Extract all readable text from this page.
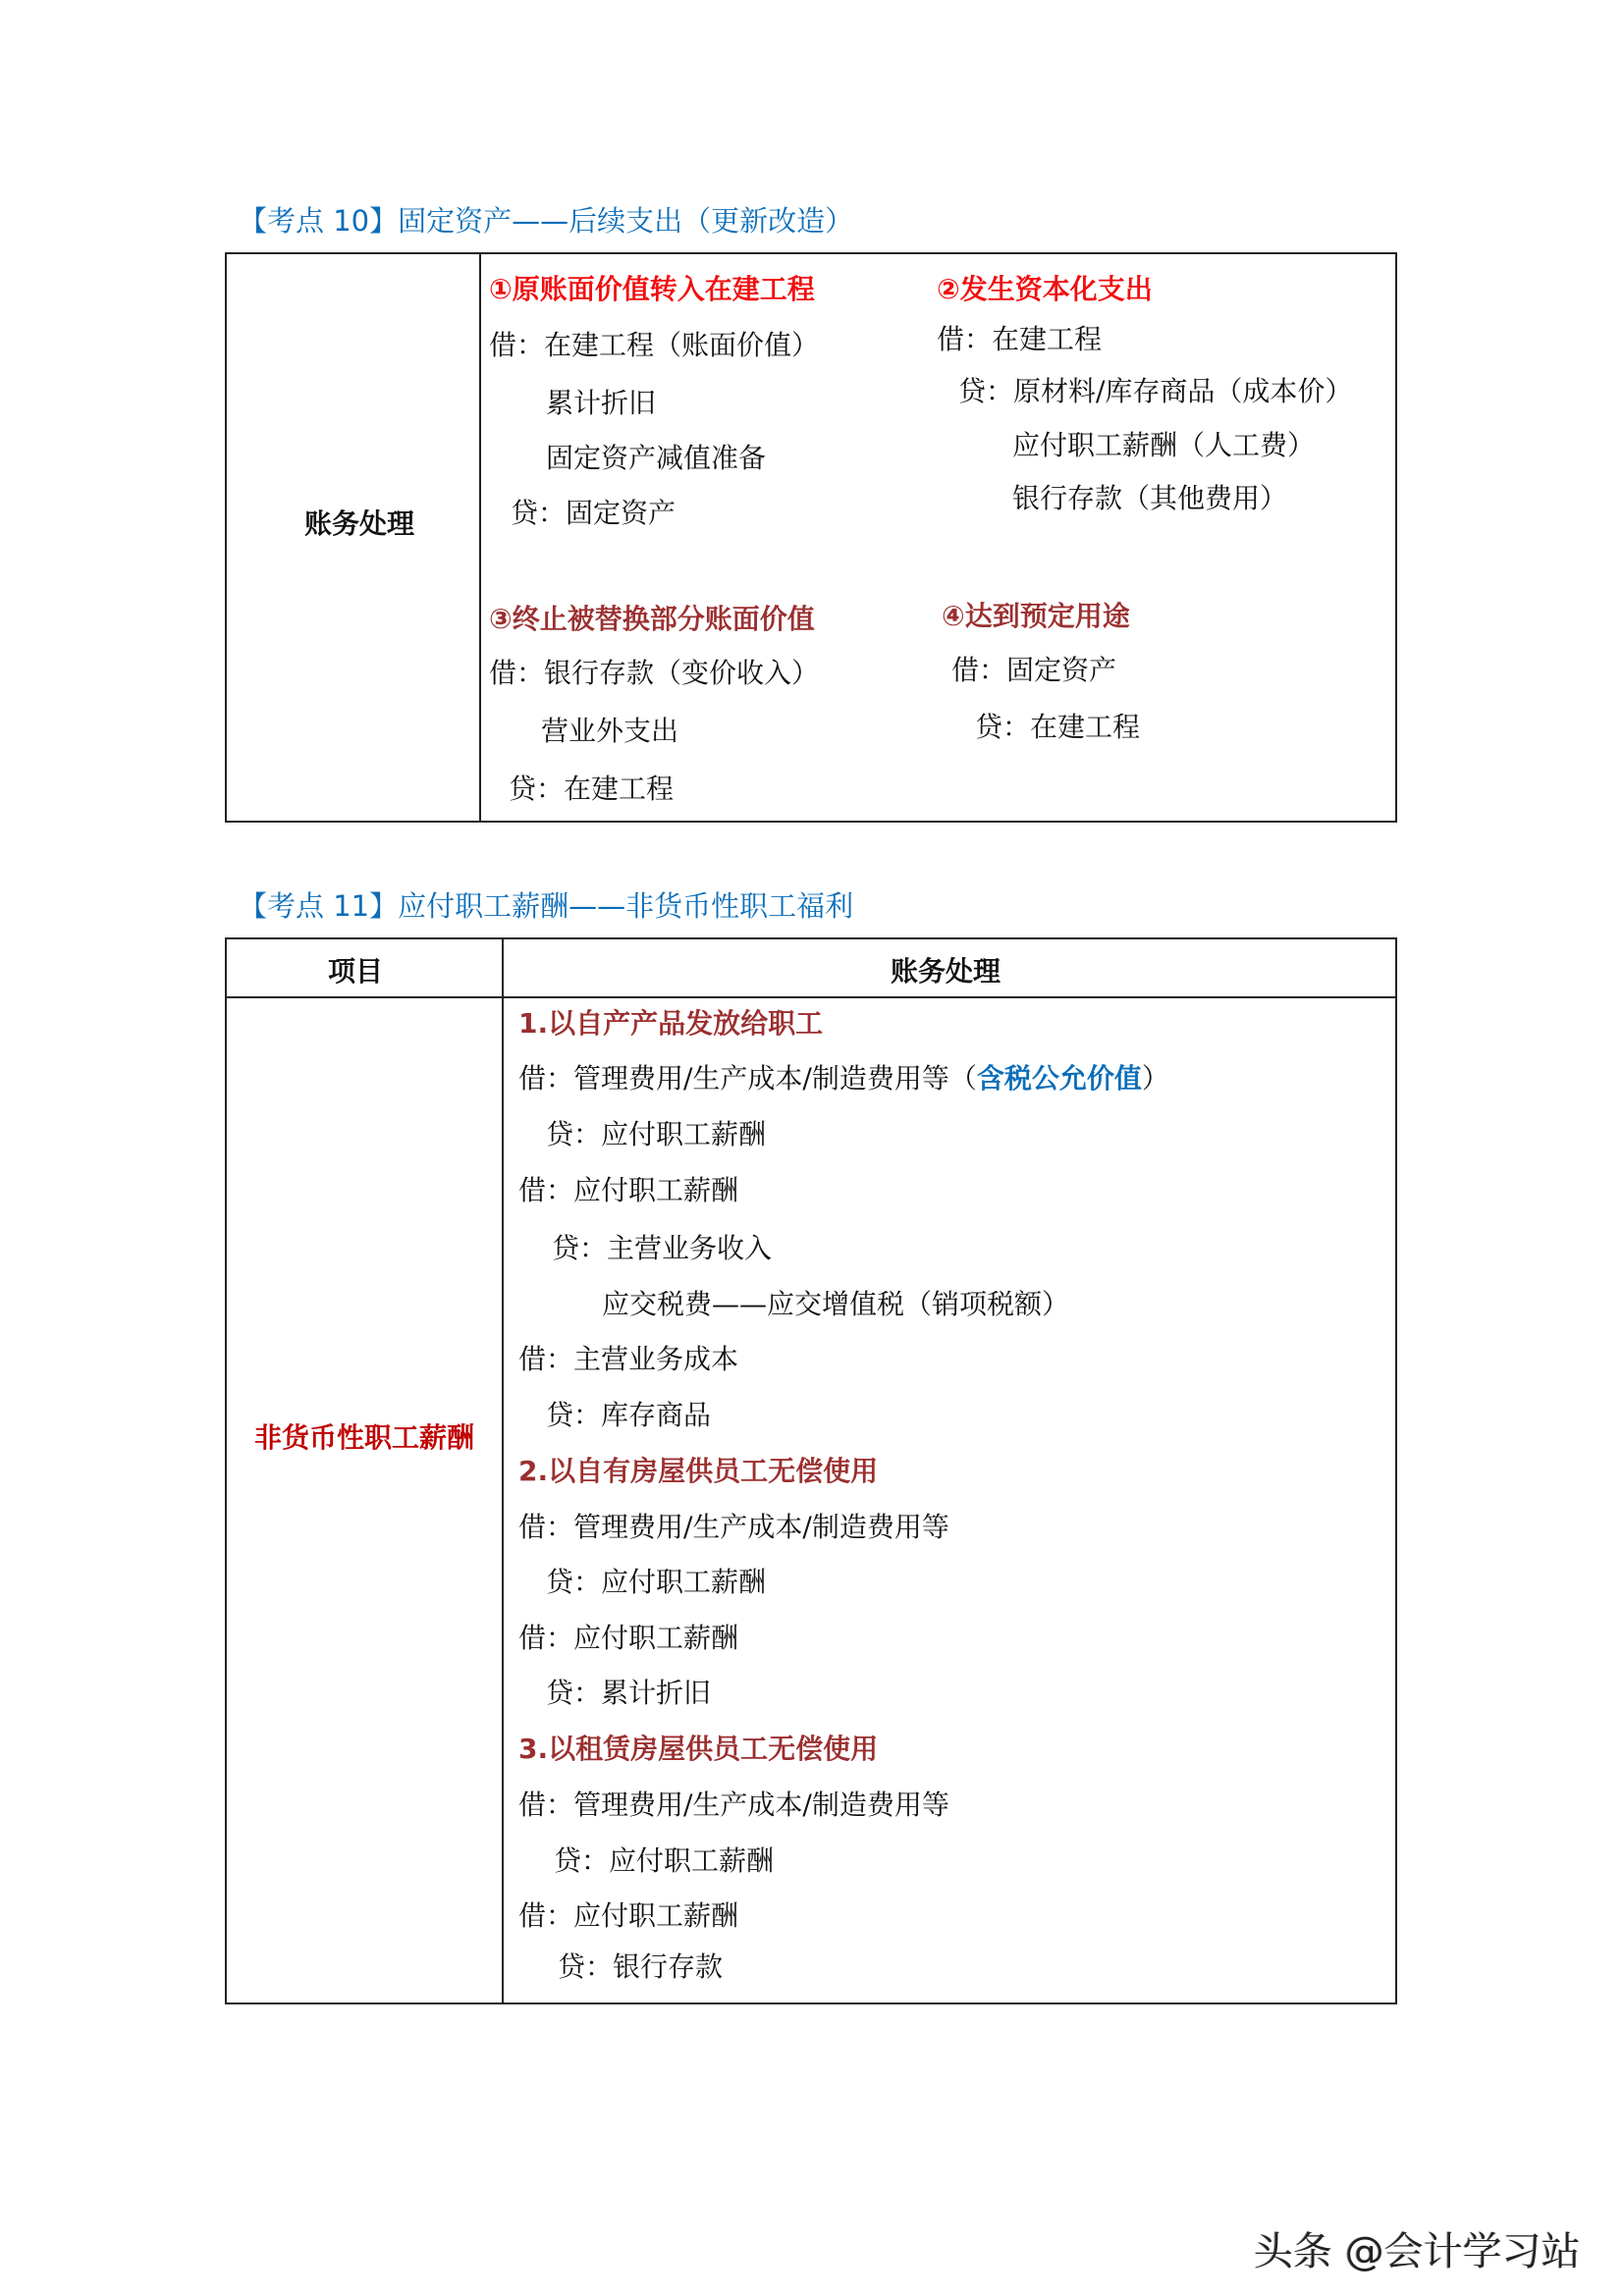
【考点 10】固定资产——后续支出（更新改造）
账务处理
①原账面价值转入在建工程
借：在建工程（账面价值）
累计折旧
固定资产减值准备
贷：固定资产
②发生资本化支出
借：在建工程
贷：原材料/库存商品（成本价）
应付职工薪酬（人工费）
银行存款（其他费用）
③终止被替换部分账面价值
借：银行存款（变价收入）
营业外支出
贷：在建工程
④达到预定用途
借：固定资产
贷：在建工程
【考点 11】应付职工薪酬——非货币性职工福利
项目	账务处理
非货币性职工薪酬
1.以自产产品发放给职工
借：管理费用/生产成本/制造费用等（含税公允价值）
贷：应付职工薪酬
借：应付职工薪酬
贷：主营业务收入
应交税费——应交增值税（销项税额）
借：主营业务成本
贷：库存商品
2.以自有房屋供员工无偿使用
借：管理费用/生产成本/制造费用等
贷：应付职工薪酬
借：应付职工薪酬
贷：累计折旧
3.以租赁房屋供员工无偿使用
借：管理费用/生产成本/制造费用等
贷：应付职工薪酬
借：应付职工薪酬
贷：银行存款
头条 @会计学习站
